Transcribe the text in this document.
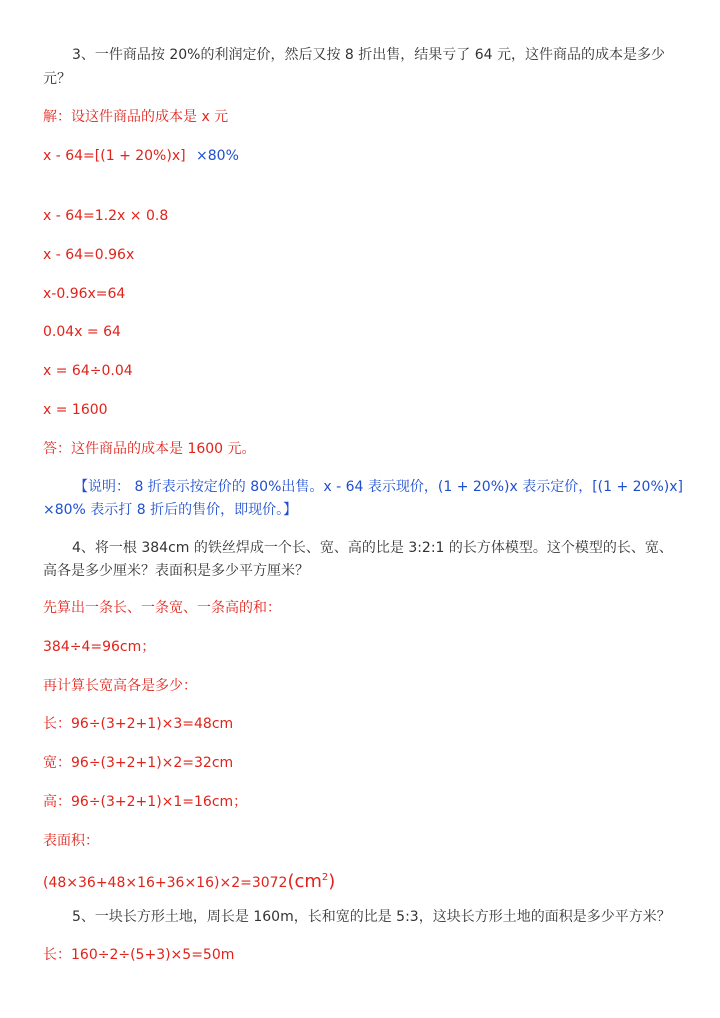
3、一件商品按 20%的利润定价，然后又按 8 折出售，结果亏了 64 元，这件商品的成本是多少
元？
解：设这件商品的成本是 x 元
x - 64=[(1 + 20%)x] ×80%
x - 64=1.2x × 0.8
x - 64=0.96x
x-0.96x=64
0.04x = 64
x = 64÷0.04
x = 1600
答：这件商品的成本是 1600 元。
【说明： 8 折表示按定价的 80%出售。x - 64 表示现价，(1 + 20%)x 表示定价，[(1 + 20%)x]
×80% 表示打 8 折后的售价，即现价。】
4、将一根 384cm 的铁丝焊成一个长、宽、高的比是 3:2:1 的长方体模型。这个模型的长、宽、
高各是多少厘米？表面积是多少平方厘米？
先算出一条长、一条宽、一条高的和：
384÷4=96cm；
再计算长宽高各是多少：
长：96÷(3+2+1)×3=48cm
宽：96÷(3+2+1)×2=32cm
高：96÷(3+2+1)×1=16cm；
表面积：
$(48\times 36+48\times 16+36\times 16)\times 2=3072(cm^2)$
5、一块长方形土地，周长是 160m，长和宽的比是 5:3，这块长方形土地的面积是多少平方米？
长：160÷2÷(5+3)×5=50m
